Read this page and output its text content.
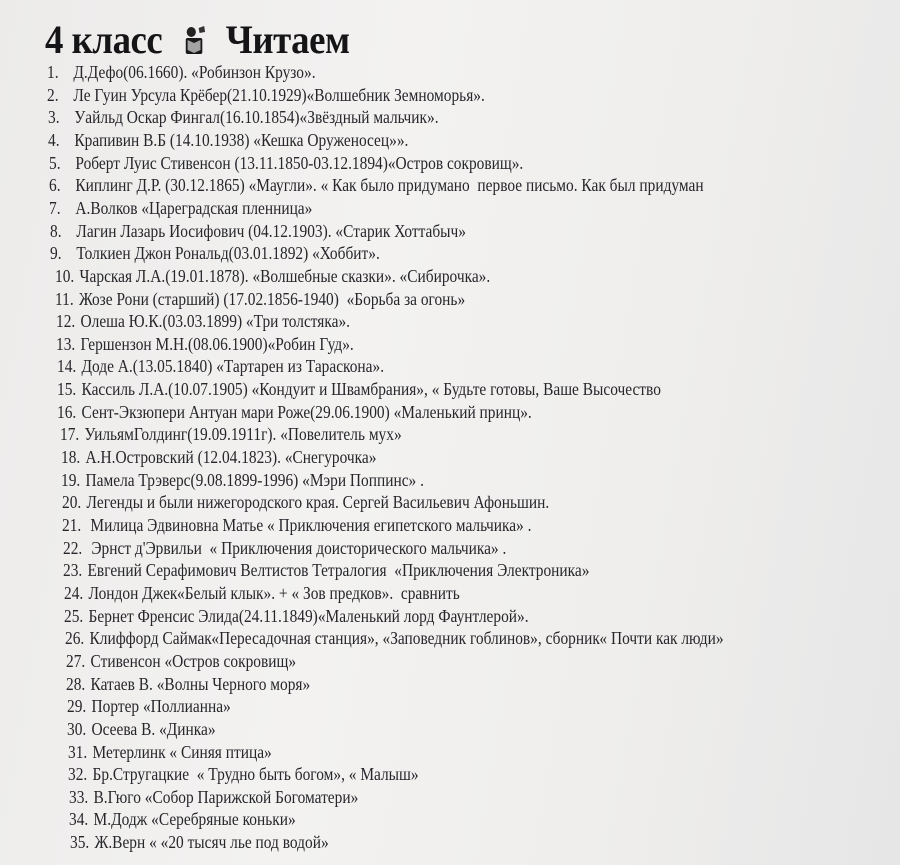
4 класс Читаем
1. Д.Дефо(06.1660). «Робинзон Крузо».
2. Ле Гуин Урсула Крёбер(21.10.1929)«Волшебник Земноморья».
3. Уайльд Оскар Фингал(16.10.1854)«Звёздный мальчик».
4. Крапивин В.Б (14.10.1938) «Кешка Оруженосец»».
5. Роберт Луис Стивенсон (13.11.1850-03.12.1894)«Остров сокровищ».
6. Киплинг Д.Р. (30.12.1865) «Маугли». « Как было придумано  первое письмо. Как был придуман
7. А.Волков «Цареградская пленница»
8. Лагин Лазарь Иосифович (04.12.1903). «Старик Хоттабыч»
9. Толкиен Джон Рональд(03.01.1892) «Хоббит».
10. Чарская Л.А.(19.01.1878). «Волшебные сказки». «Сибирочка».
11. Жозе Рони (старший) (17.02.1856-1940)  «Борьба за огонь»
12. Олеша Ю.К.(03.03.1899) «Три толстяка».
13. Гершензон М.Н.(08.06.1900)«Робин Гуд».
14. Доде А.(13.05.1840) «Тартарен из Тараскона».
15. Кассиль Л.А.(10.07.1905) «Кондуит и Швамбрания», « Будьте готовы, Ваше Высочество
16. Сент-Экзюпери Антуан мари Роже(29.06.1900) «Маленький принц».
17. УильямГолдинг(19.09.1911г). «Повелитель мух»
18. А.Н.Островский (12.04.1823). «Снегурочка»
19. Памела Трэверс(9.08.1899-1996) «Мэри Поппинс» .
20. Легенды и были нижегородского края. Сергей Васильевич Афоньшин.
21. Милица Эдвиновна Матье « Приключения египетского мальчика» .
22. Эрнст д'Эрвильи  « Приключения доисторического мальчика» .
23. Евгений Серафимович Велтистов Тетралогия  «Приключения Электроника»
24. Лондон Джек«Белый клык». + « Зов предков».  сравнить
25. Бернет Френсис Элида(24.11.1849)«Маленький лорд Фаунтлерой».
26. Клиффорд Саймак«Пересадочная станция», «Заповедник гоблинов», сборник« Почти как люди»
27. Стивенсон «Остров сокровищ»
28. Катаев В. «Волны Черного моря»
29. Портер «Поллианна»
30. Осеева В. «Динка»
31. Метерлинк « Синяя птица»
32. Бр.Стругацкие  « Трудно быть богом», « Малыш»
33. В.Гюго «Собор Парижской Богоматери»
34. М.Додж «Серебряные коньки»
35. Ж.Верн « «20 тысяч лье под водой»
